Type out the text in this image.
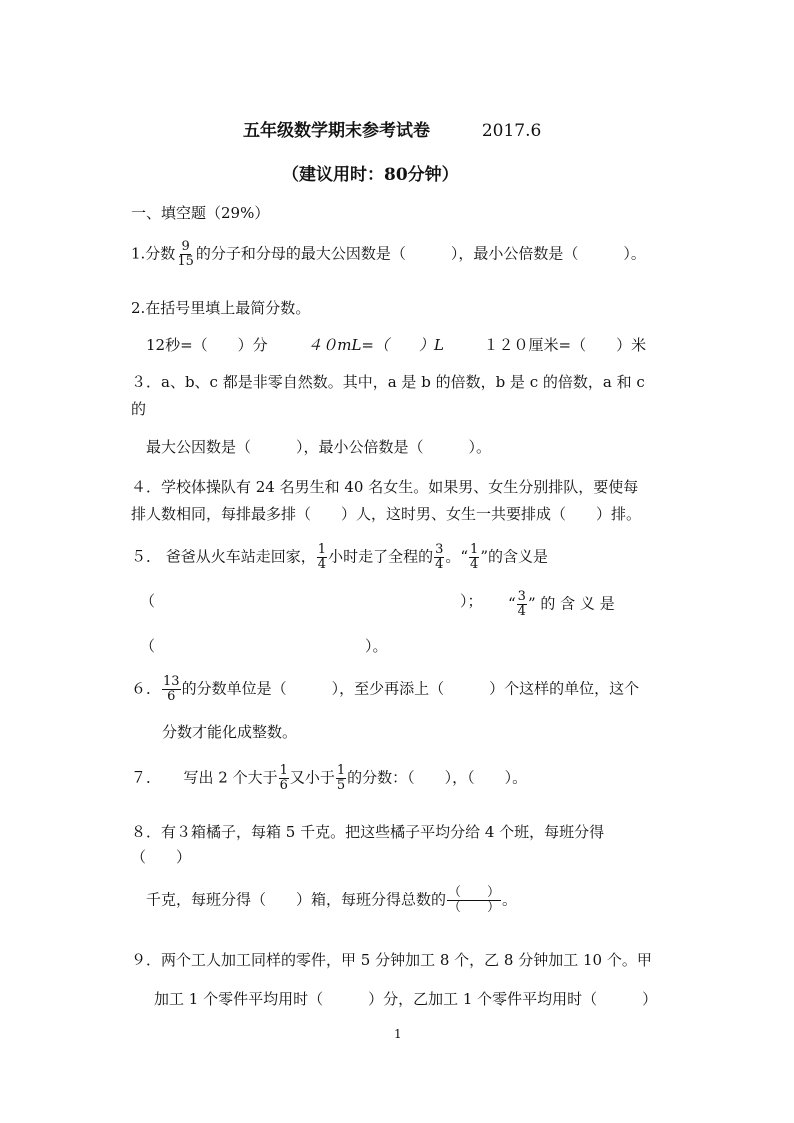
五年级数学期末参考试卷	2017.6
（建议用时：80分钟）
一、填空题（29%）
1.分数 $\frac{9}{15}$ 的分子和分母的最大公因数是（　　　），最小公倍数是（　　　）。
2.在括号里填上最简分数。
12秒=（　　）分	４０mL=（　　）L	１２０厘米=（　　）米
３．a、b、c 都是非零自然数。其中，a 是 b 的倍数，b 是 c 的倍数，a 和 c
的
最大公因数是（　　　），最小公倍数是（　　　）。
４．学校体操队有 24 名男生和 40 名女生。如果男、女生分别排队，要使每
排人数相同，每排最多排（　　）人，这时男、女生一共要排成（　　）排。
５． 爸爸从火车站走回家， $\frac{1}{4}$ 小时走了全程的 $\frac{3}{4}$ 。“ $\frac{1}{4}$ ”的含义是
（	）； “ $\frac{3}{4}$ ” 的 含 义 是
（　　　　　　　　　　　　　　）。
６． $\frac{13}{6}$ 的分数单位是（　　　），至少再添上（　　　）个这样的单位，这个
分数才能化成整数。
７．　　写出 2 个大于 $\frac{1}{6}$ 又小于 $\frac{1}{5}$ 的分数：（　　），（　　）。
８．有３箱橘子，每箱 5 千克。把这些橘子平均分给 4 个班，每班分得
（　　）
千克，每班分得（　　）箱，每班分得总数的 $\frac{( )}{( )}$ 。
９．两个工人加工同样的零件，甲 5 分钟加工 8 个，乙 8 分钟加工 10 个。甲
加工 1 个零件平均用时（　　　）分，乙加工 1 个零件平均用时（　　　）
1
